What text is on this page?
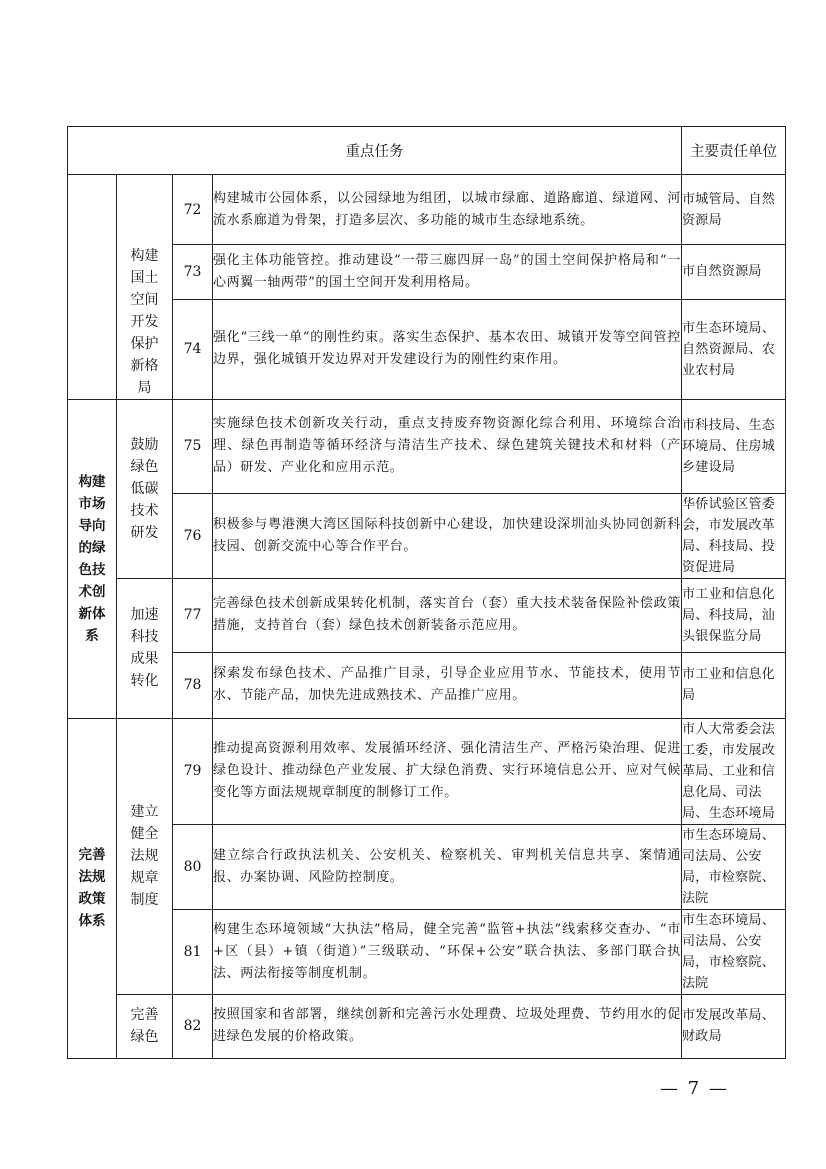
重点任务				主要责任单位
		72	构建城市公园体系，以公园绿地为组团，以城市绿廊、道路廊道、绿道网、河流水系廊道为骨架，打造多层次、多功能的城市生态绿地系统。	市城管局、自然资源局
	构建国土空间开发保护新格局	73	强化主体功能管控。推动建设“一带三廊四屏一岛”的国土空间保护格局和“一心两翼一轴两带”的国土空间开发利用格局。	市自然资源局
		74	强化“三线一单”的刚性约束。落实生态保护、基本农田、城镇开发等空间管控边界，强化城镇开发边界对开发建设行为的刚性约束作用。	市生态环境局、自然资源局、农业农村局
构建市场导向的绿色技术创新体系	鼓励绿色低碳技术研发	75	实施绿色技术创新攻关行动，重点支持废弃物资源化综合利用、环境综合治理、绿色再制造等循环经济与清洁生产技术、绿色建筑关键技术和材料（产品）研发、产业化和应用示范。	市科技局、生态环境局、住房城乡建设局
		76	积极参与粤港澳大湾区国际科技创新中心建设，加快建设深圳汕头协同创新科技园、创新交流中心等合作平台。	华侨试验区管委会，市发展改革局、科技局、投资促进局
	加速科技成果转化	77	完善绿色技术创新成果转化机制，落实首台（套）重大技术装备保险补偿政策措施，支持首台（套）绿色技术创新装备示范应用。	市工业和信息化局、科技局，汕头银保监分局
		78	探索发布绿色技术、产品推广目录，引导企业应用节水、节能技术，使用节水、节能产品，加快先进成熟技术、产品推广应用。	市工业和信息化局
完善法规政策体系	建立健全法规规章制度	79	推动提高资源利用效率、发展循环经济、强化清洁生产、严格污染治理、促进绿色设计、推动绿色产业发展、扩大绿色消费、实行环境信息公开、应对气候变化等方面法规规章制度的制修订工作。	市人大常委会法工委，市发展改革局、工业和信息化局、司法局、生态环境局
		80	建立综合行政执法机关、公安机关、检察机关、审判机关信息共享、案情通报、办案协调、风险防控制度。	市生态环境局、司法局、公安局，市检察院、法院
		81	构建生态环境领域“大执法”格局，健全完善“监管+执法”线索移交查办、“市+区（县）+镇（街道）”三级联动、“环保+公安”联合执法、多部门联合执法、两法衔接等制度机制。	市生态环境局、司法局、公安局，市检察院、法院
	完善绿色	82	按照国家和省部署，继续创新和完善污水处理费、垃圾处理费、节约用水的促进绿色发展的价格政策。	市发展改革局、财政局
— 7 —
